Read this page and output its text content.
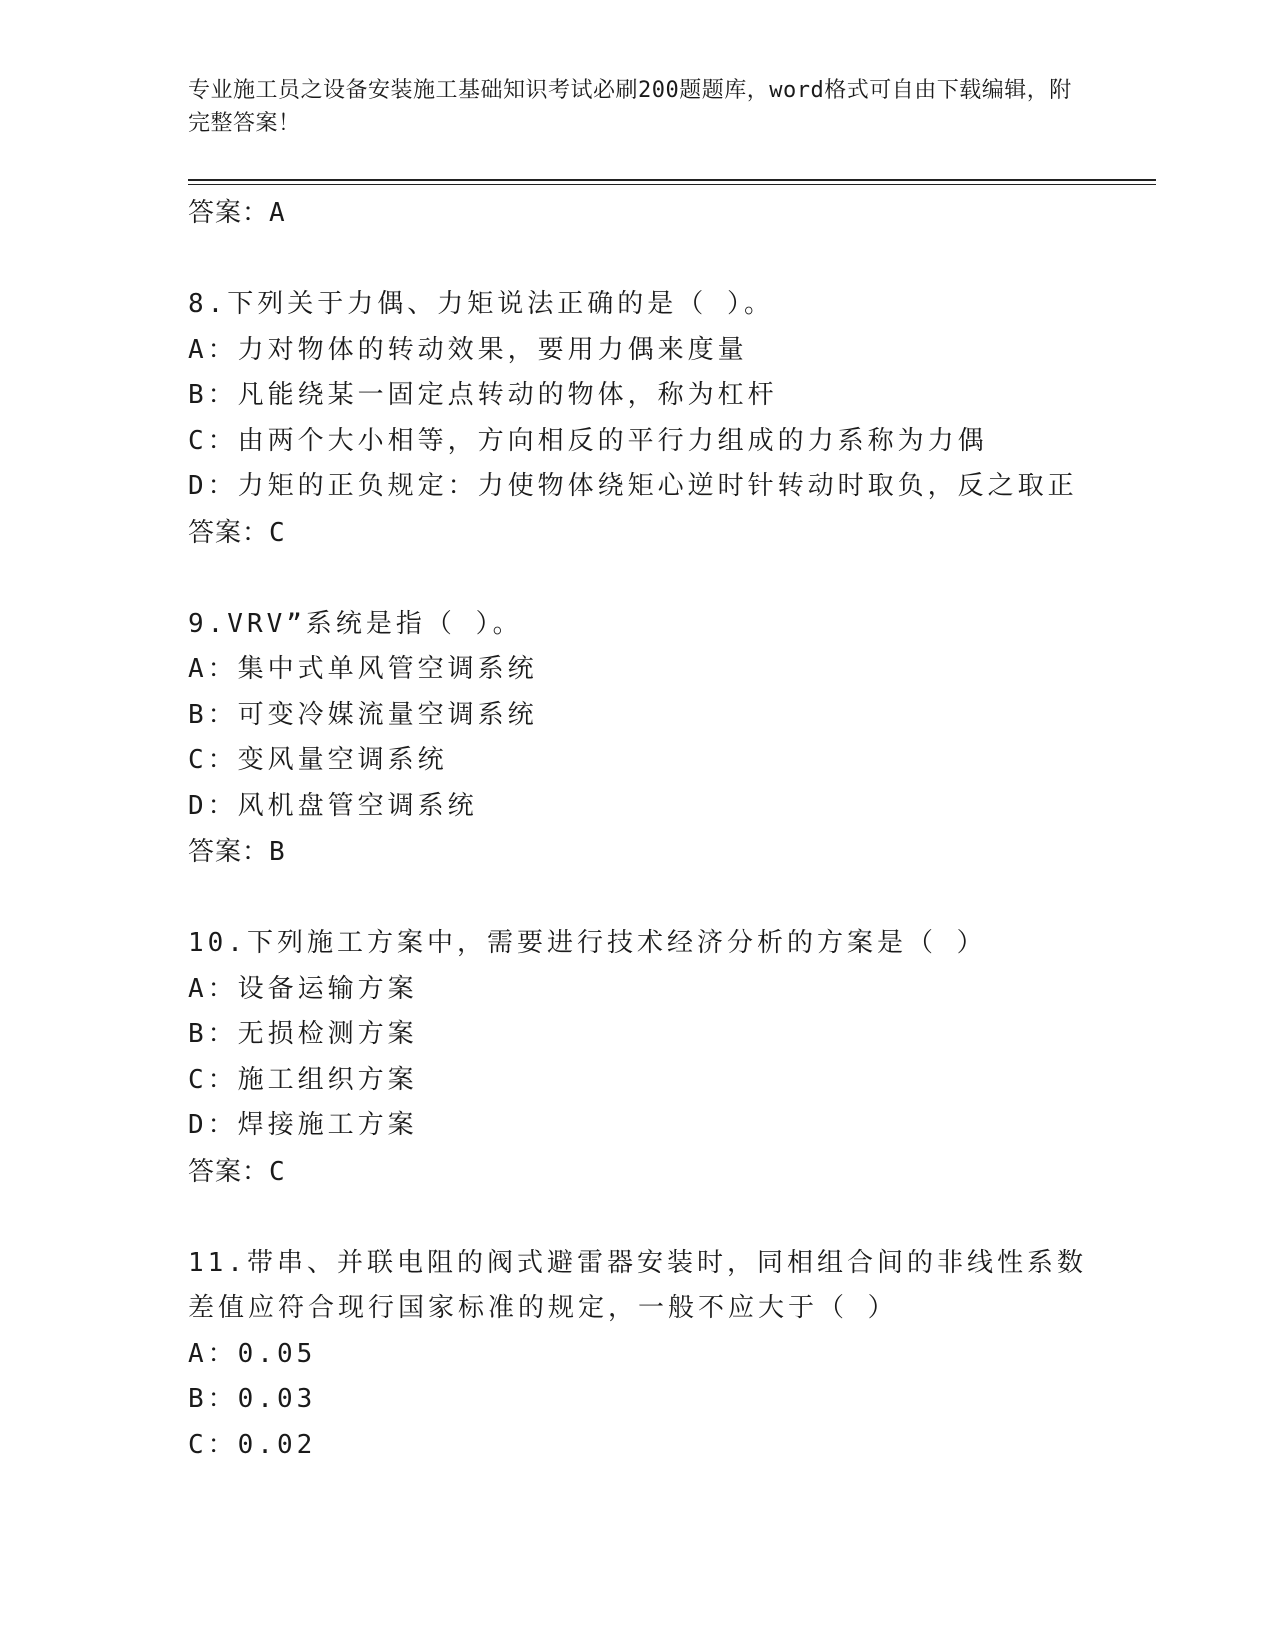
专业施工员之设备安装施工基础知识考试必刷200题题库，word格式可自由下载编辑，附完整答案！
答案：A
8.下列关于力偶、力矩说法正确的是（ ）。
A：力对物体的转动效果，要用力偶来度量
B：凡能绕某一固定点转动的物体，称为杠杆
C：由两个大小相等，方向相反的平行力组成的力系称为力偶
D：力矩的正负规定：力使物体绕矩心逆时针转动时取负，反之取正
答案：C
9.VRV”系统是指（ ）。
A：集中式单风管空调系统
B：可变冷媒流量空调系统
C：变风量空调系统
D：风机盘管空调系统
答案：B
10.下列施工方案中，需要进行技术经济分析的方案是（ ）
A：设备运输方案
B：无损检测方案
C：施工组织方案
D：焊接施工方案
答案：C
11.带串、并联电阻的阀式避雷器安装时，同相组合间的非线性系数差值应符合现行国家标准的规定，一般不应大于（ ）
A：0.05
B：0.03
C：0.02
